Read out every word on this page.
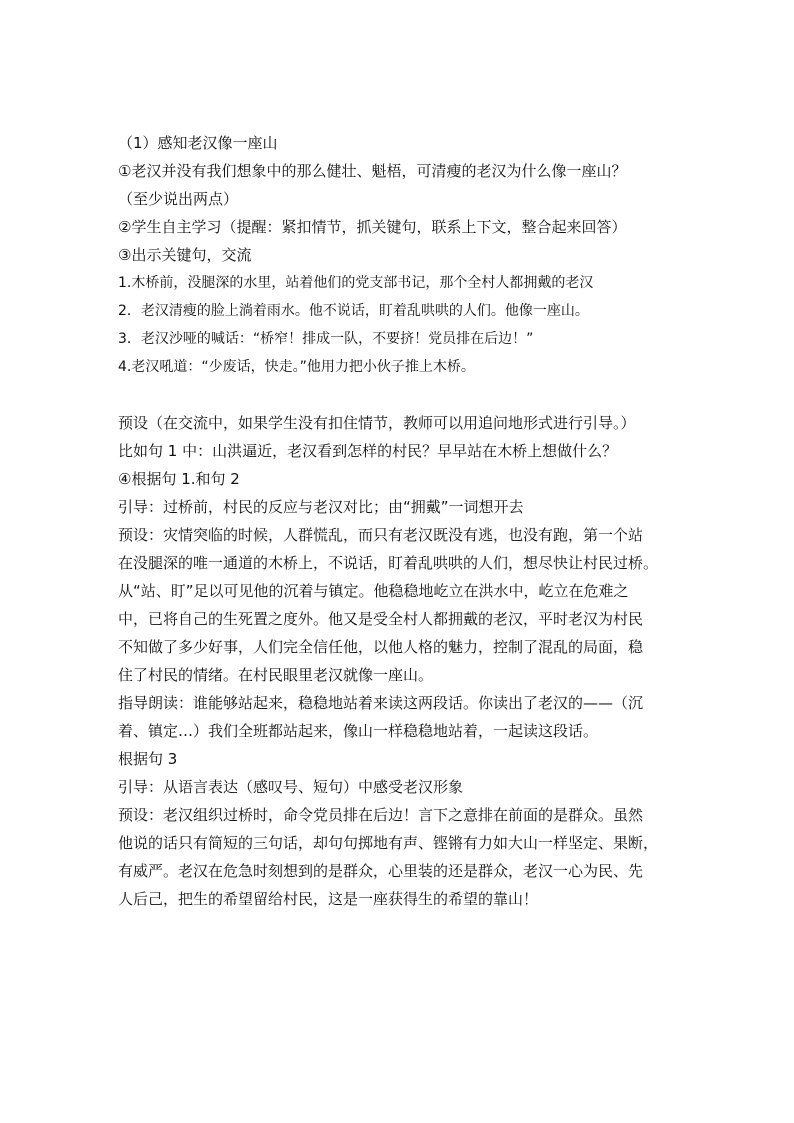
（1）感知老汉像一座山

①老汉并没有我们想象中的那么健壮、魁梧，可清瘦的老汉为什么像一座山？

（至少说出两点）

②学生自主学习（提醒：紧扣情节，抓关键句，联系上下文，整合起来回答）

③出示关键句，交流

1.木桥前，没腿深的水里，站着他们的党支部书记，那个全村人都拥戴的老汉

2．老汉清瘦的脸上淌着雨水。他不说话，盯着乱哄哄的人们。他像一座山。

3．老汉沙哑的喊话：“桥窄！排成一队，不要挤！党员排在后边！”

4.老汉吼道：“少废话，快走。”他用力把小伙子推上木桥。

预设（在交流中，如果学生没有扣住情节，教师可以用追问地形式进行引导。）

比如句 1 中：山洪逼近，老汉看到怎样的村民？早早站在木桥上想做什么？

④根据句 1.和句 2

引导：过桥前，村民的反应与老汉对比；由“拥戴”一词想开去

预设：灾情突临的时候，人群慌乱，而只有老汉既没有逃，也没有跑，第一个站

在没腿深的唯一通道的木桥上，不说话，盯着乱哄哄的人们，想尽快让村民过桥。

从“站、盯”足以可见他的沉着与镇定。他稳稳地屹立在洪水中，屹立在危难之

中，已将自己的生死置之度外。他又是受全村人都拥戴的老汉，平时老汉为村民

不知做了多少好事，人们完全信任他，以他人格的魅力，控制了混乱的局面，稳

住了村民的情绪。在村民眼里老汉就像一座山。

指导朗读：谁能够站起来，稳稳地站着来读这两段话。你读出了老汉的——（沉

着、镇定…）我们全班都站起来，像山一样稳稳地站着，一起读这段话。

根据句 3

引导：从语言表达（感叹号、短句）中感受老汉形象

预设：老汉组织过桥时，命令党员排在后边！言下之意排在前面的是群众。虽然

他说的话只有简短的三句话，却句句掷地有声、铿锵有力如大山一样坚定、果断，

有威严。老汉在危急时刻想到的是群众，心里装的还是群众，老汉一心为民、先

人后己，把生的希望留给村民，这是一座获得生的希望的靠山！
